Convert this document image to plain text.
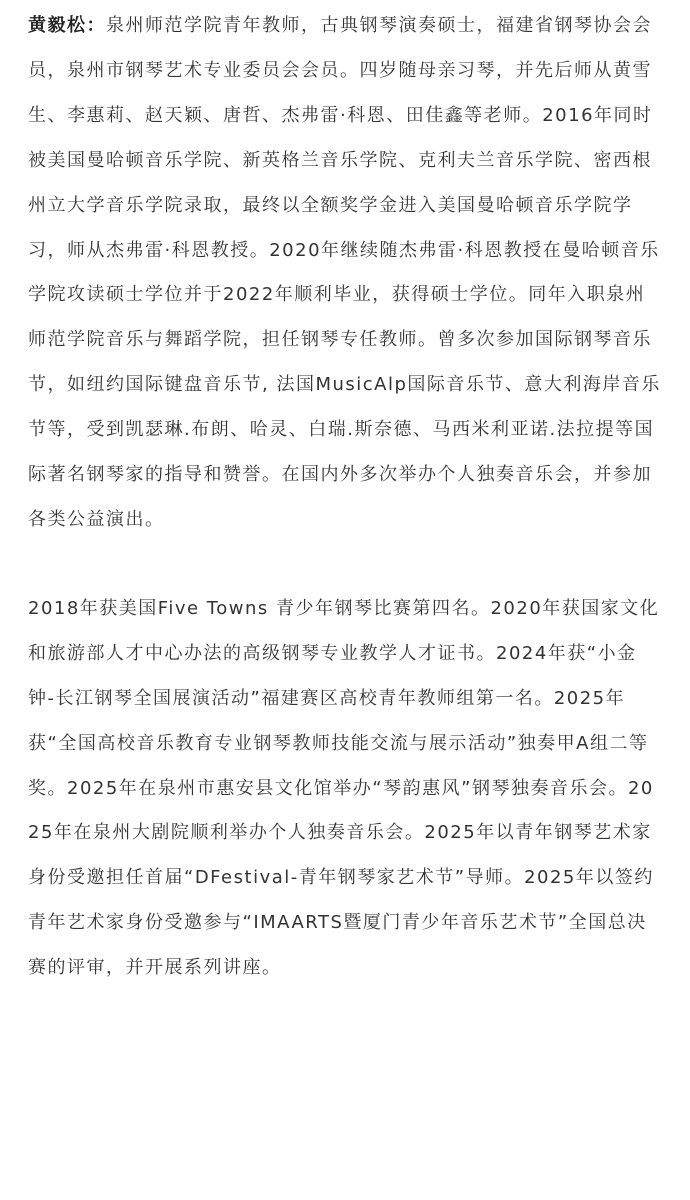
黄毅松：泉州师范学院青年教师，古典钢琴演奏硕士，福建省钢琴协会会员，泉州市钢琴艺术专业委员会会员。四岁随母亲习琴，并先后师从黄雪生、李惠莉、赵天颖、唐哲、杰弗雷·科恩、田佳鑫等老师。2016年同时被美国曼哈顿音乐学院、新英格兰音乐学院、克利夫兰音乐学院、密西根州立大学音乐学院录取，最终以全额奖学金进入美国曼哈顿音乐学院学习，师从杰弗雷·科恩教授。2020年继续随杰弗雷·科恩教授在曼哈顿音乐学院攻读硕士学位并于2022年顺利毕业，获得硕士学位。同年入职泉州师范学院音乐与舞蹈学院，担任钢琴专任教师。曾多次参加国际钢琴音乐节，如纽约国际键盘音乐节, 法国MusicAlp国际音乐节、意大利海岸音乐节等，受到凯瑟琳.布朗、哈灵、白瑞.斯奈德、马西米利亚诺.法拉提等国际著名钢琴家的指导和赞誉。在国内外多次举办个人独奏音乐会，并参加各类公益演出。

2018年获美国Five Towns 青少年钢琴比赛第四名。2020年获国家文化和旅游部人才中心办法的高级钢琴专业教学人才证书。2024年获“小金钟-长江钢琴全国展演活动”福建赛区高校青年教师组第一名。2025年获“全国高校音乐教育专业钢琴教师技能交流与展示活动”独奏甲A组二等奖。2025年在泉州市惠安县文化馆举办“琴韵惠风”钢琴独奏音乐会。2025年在泉州大剧院顺利举办个人独奏音乐会。2025年以青年钢琴艺术家身份受邀担任首届“DFestival-青年钢琴家艺术节”导师。2025年以签约青年艺术家身份受邀参与“IMAARTS暨厦门青少年音乐艺术节”全国总决赛的评审，并开展系列讲座。
